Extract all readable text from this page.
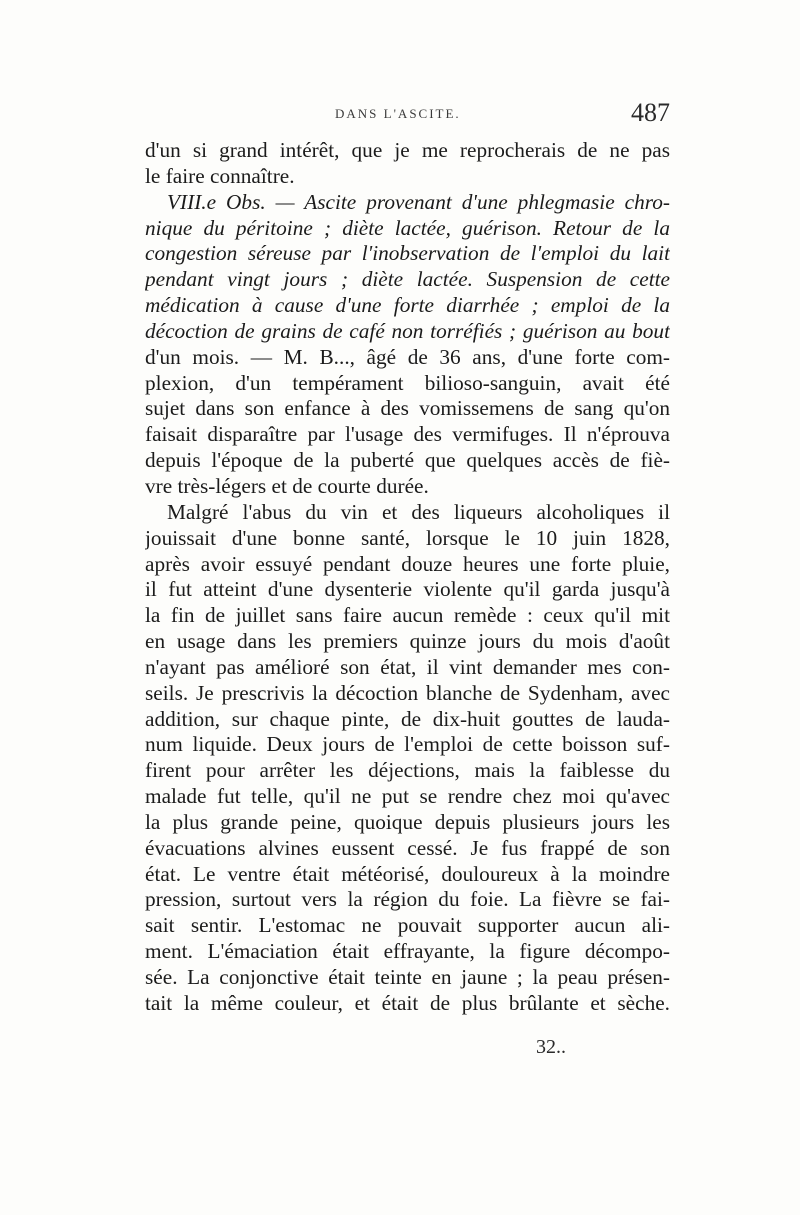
DANS L'ASCITE.	487
d'un si grand intérêt, que je me reprocherais de ne pas
le faire connaître.
VIII.e Obs. — Ascite provenant d'une phlegmasie chro-
nique du péritoine ; diète lactée, guérison. Retour de la
congestion séreuse par l'inobservation de l'emploi du lait
pendant vingt jours ; diète lactée. Suspension de cette
médication à cause d'une forte diarrhée ; emploi de la
décoction de grains de café non torréfiés ; guérison au bout
d'un mois. — M. B..., âgé de 36 ans, d'une forte com-
plexion, d'un tempérament bilioso-sanguin, avait été
sujet dans son enfance à des vomissemens de sang qu'on
faisait disparaître par l'usage des vermifuges. Il n'éprouva
depuis l'époque de la puberté que quelques accès de fiè-
vre très-légers et de courte durée.
Malgré l'abus du vin et des liqueurs alcoholiques il
jouissait d'une bonne santé, lorsque le 10 juin 1828,
après avoir essuyé pendant douze heures une forte pluie,
il fut atteint d'une dysenterie violente qu'il garda jusqu'à
la fin de juillet sans faire aucun remède : ceux qu'il mit
en usage dans les premiers quinze jours du mois d'août
n'ayant pas amélioré son état, il vint demander mes con-
seils. Je prescrivis la décoction blanche de Sydenham, avec
addition, sur chaque pinte, de dix-huit gouttes de lauda-
num liquide. Deux jours de l'emploi de cette boisson suf-
firent pour arrêter les déjections, mais la faiblesse du
malade fut telle, qu'il ne put se rendre chez moi qu'avec
la plus grande peine, quoique depuis plusieurs jours les
évacuations alvines eussent cessé. Je fus frappé de son
état. Le ventre était météorisé, douloureux à la moindre
pression, surtout vers la région du foie. La fièvre se fai-
sait sentir. L'estomac ne pouvait supporter aucun ali-
ment. L'émaciation était effrayante, la figure décompo-
sée. La conjonctive était teinte en jaune ; la peau présen-
tait la même couleur, et était de plus brûlante et sèche.
32..
